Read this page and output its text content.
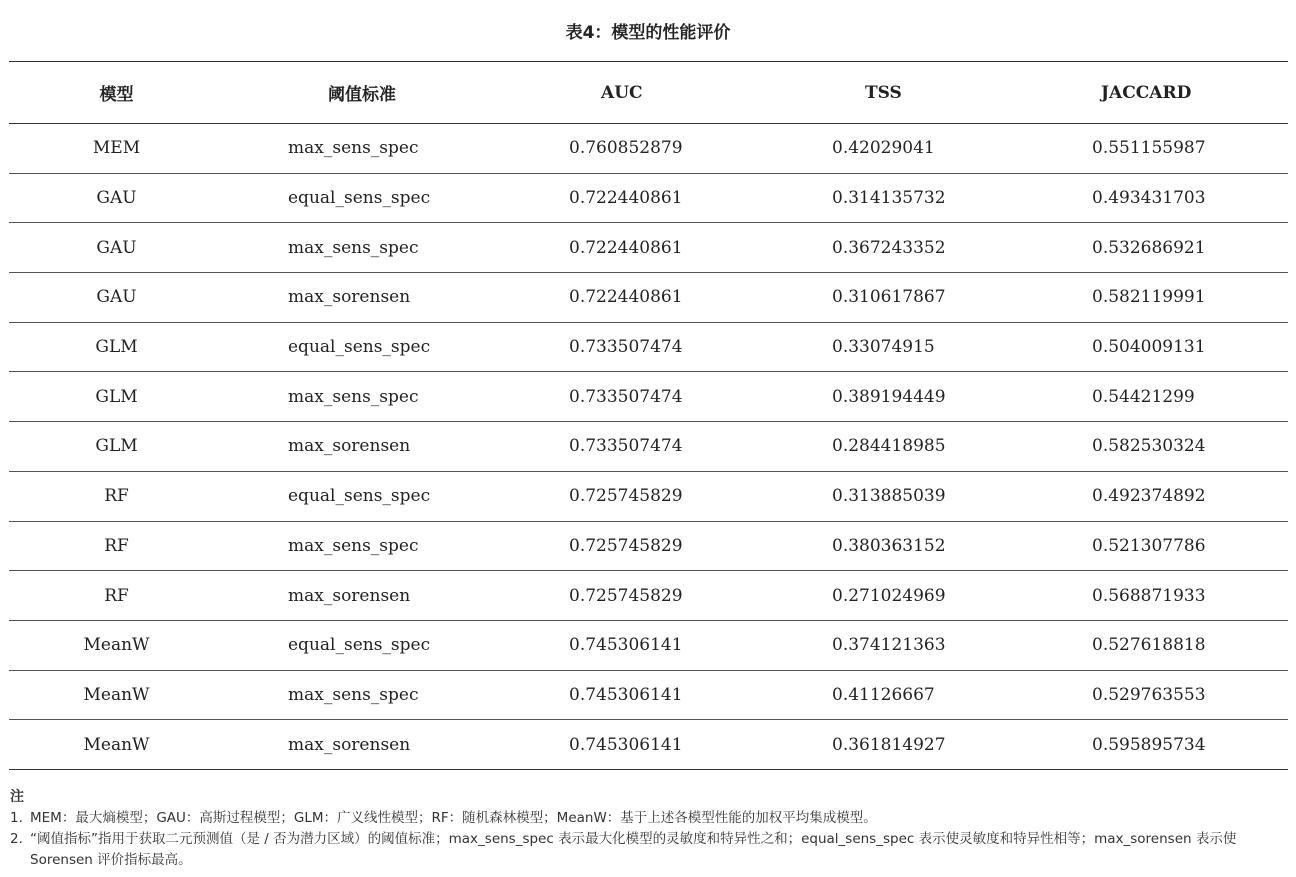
表4：模型的性能评价
模型	阈值标准	AUC	TSS	JACCARD
MEM	max_sens_spec	0.760852879	0.42029041	0.551155987
GAU	equal_sens_spec	0.722440861	0.314135732	0.493431703
GAU	max_sens_spec	0.722440861	0.367243352	0.532686921
GAU	max_sorensen	0.722440861	0.310617867	0.582119991
GLM	equal_sens_spec	0.733507474	0.33074915	0.504009131
GLM	max_sens_spec	0.733507474	0.389194449	0.54421299
GLM	max_sorensen	0.733507474	0.284418985	0.582530324
RF	equal_sens_spec	0.725745829	0.313885039	0.492374892
RF	max_sens_spec	0.725745829	0.380363152	0.521307786
RF	max_sorensen	0.725745829	0.271024969	0.568871933
MeanW	equal_sens_spec	0.745306141	0.374121363	0.527618818
MeanW	max_sens_spec	0.745306141	0.41126667	0.529763553
MeanW	max_sorensen	0.745306141	0.361814927	0.595895734
注
1. MEM：最大熵模型；GAU：高斯过程模型；GLM：广义线性模型；RF：随机森林模型；MeanW：基于上述各模型性能的加权平均集成模型。
2. “阈值指标”指用于获取二元预测值（是 / 否为潜力区域）的阈值标准；max_sens_spec 表示最大化模型的灵敏度和特异性之和；equal_sens_spec 表示使灵敏度和特异性相等；max_sorensen 表示使 Sorensen 评价指标最高。
